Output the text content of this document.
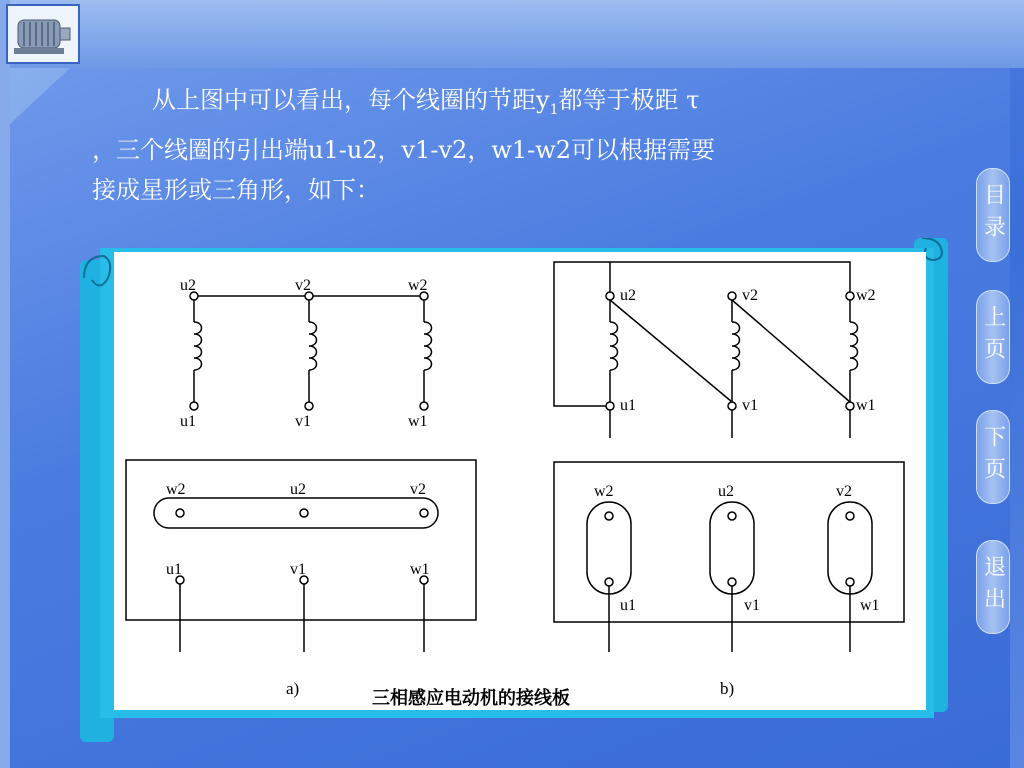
从上图中可以看出，每个线圈的节距$y_1$都等于极距 τ

，三个线圈的引出端u1-u2，v1-v2，w1-w2可以根据需要

接成星形或三角形，如下：	目录
上页
下页
退出
u2	v2	w2
u1	v1	w1
u2	v2	w2
u1	v1	w1
w2	u2	v2
u1	v1	w1
a)
w2	u2	v2
u1	v1	w1
b)
三相感应电动机的接线板
